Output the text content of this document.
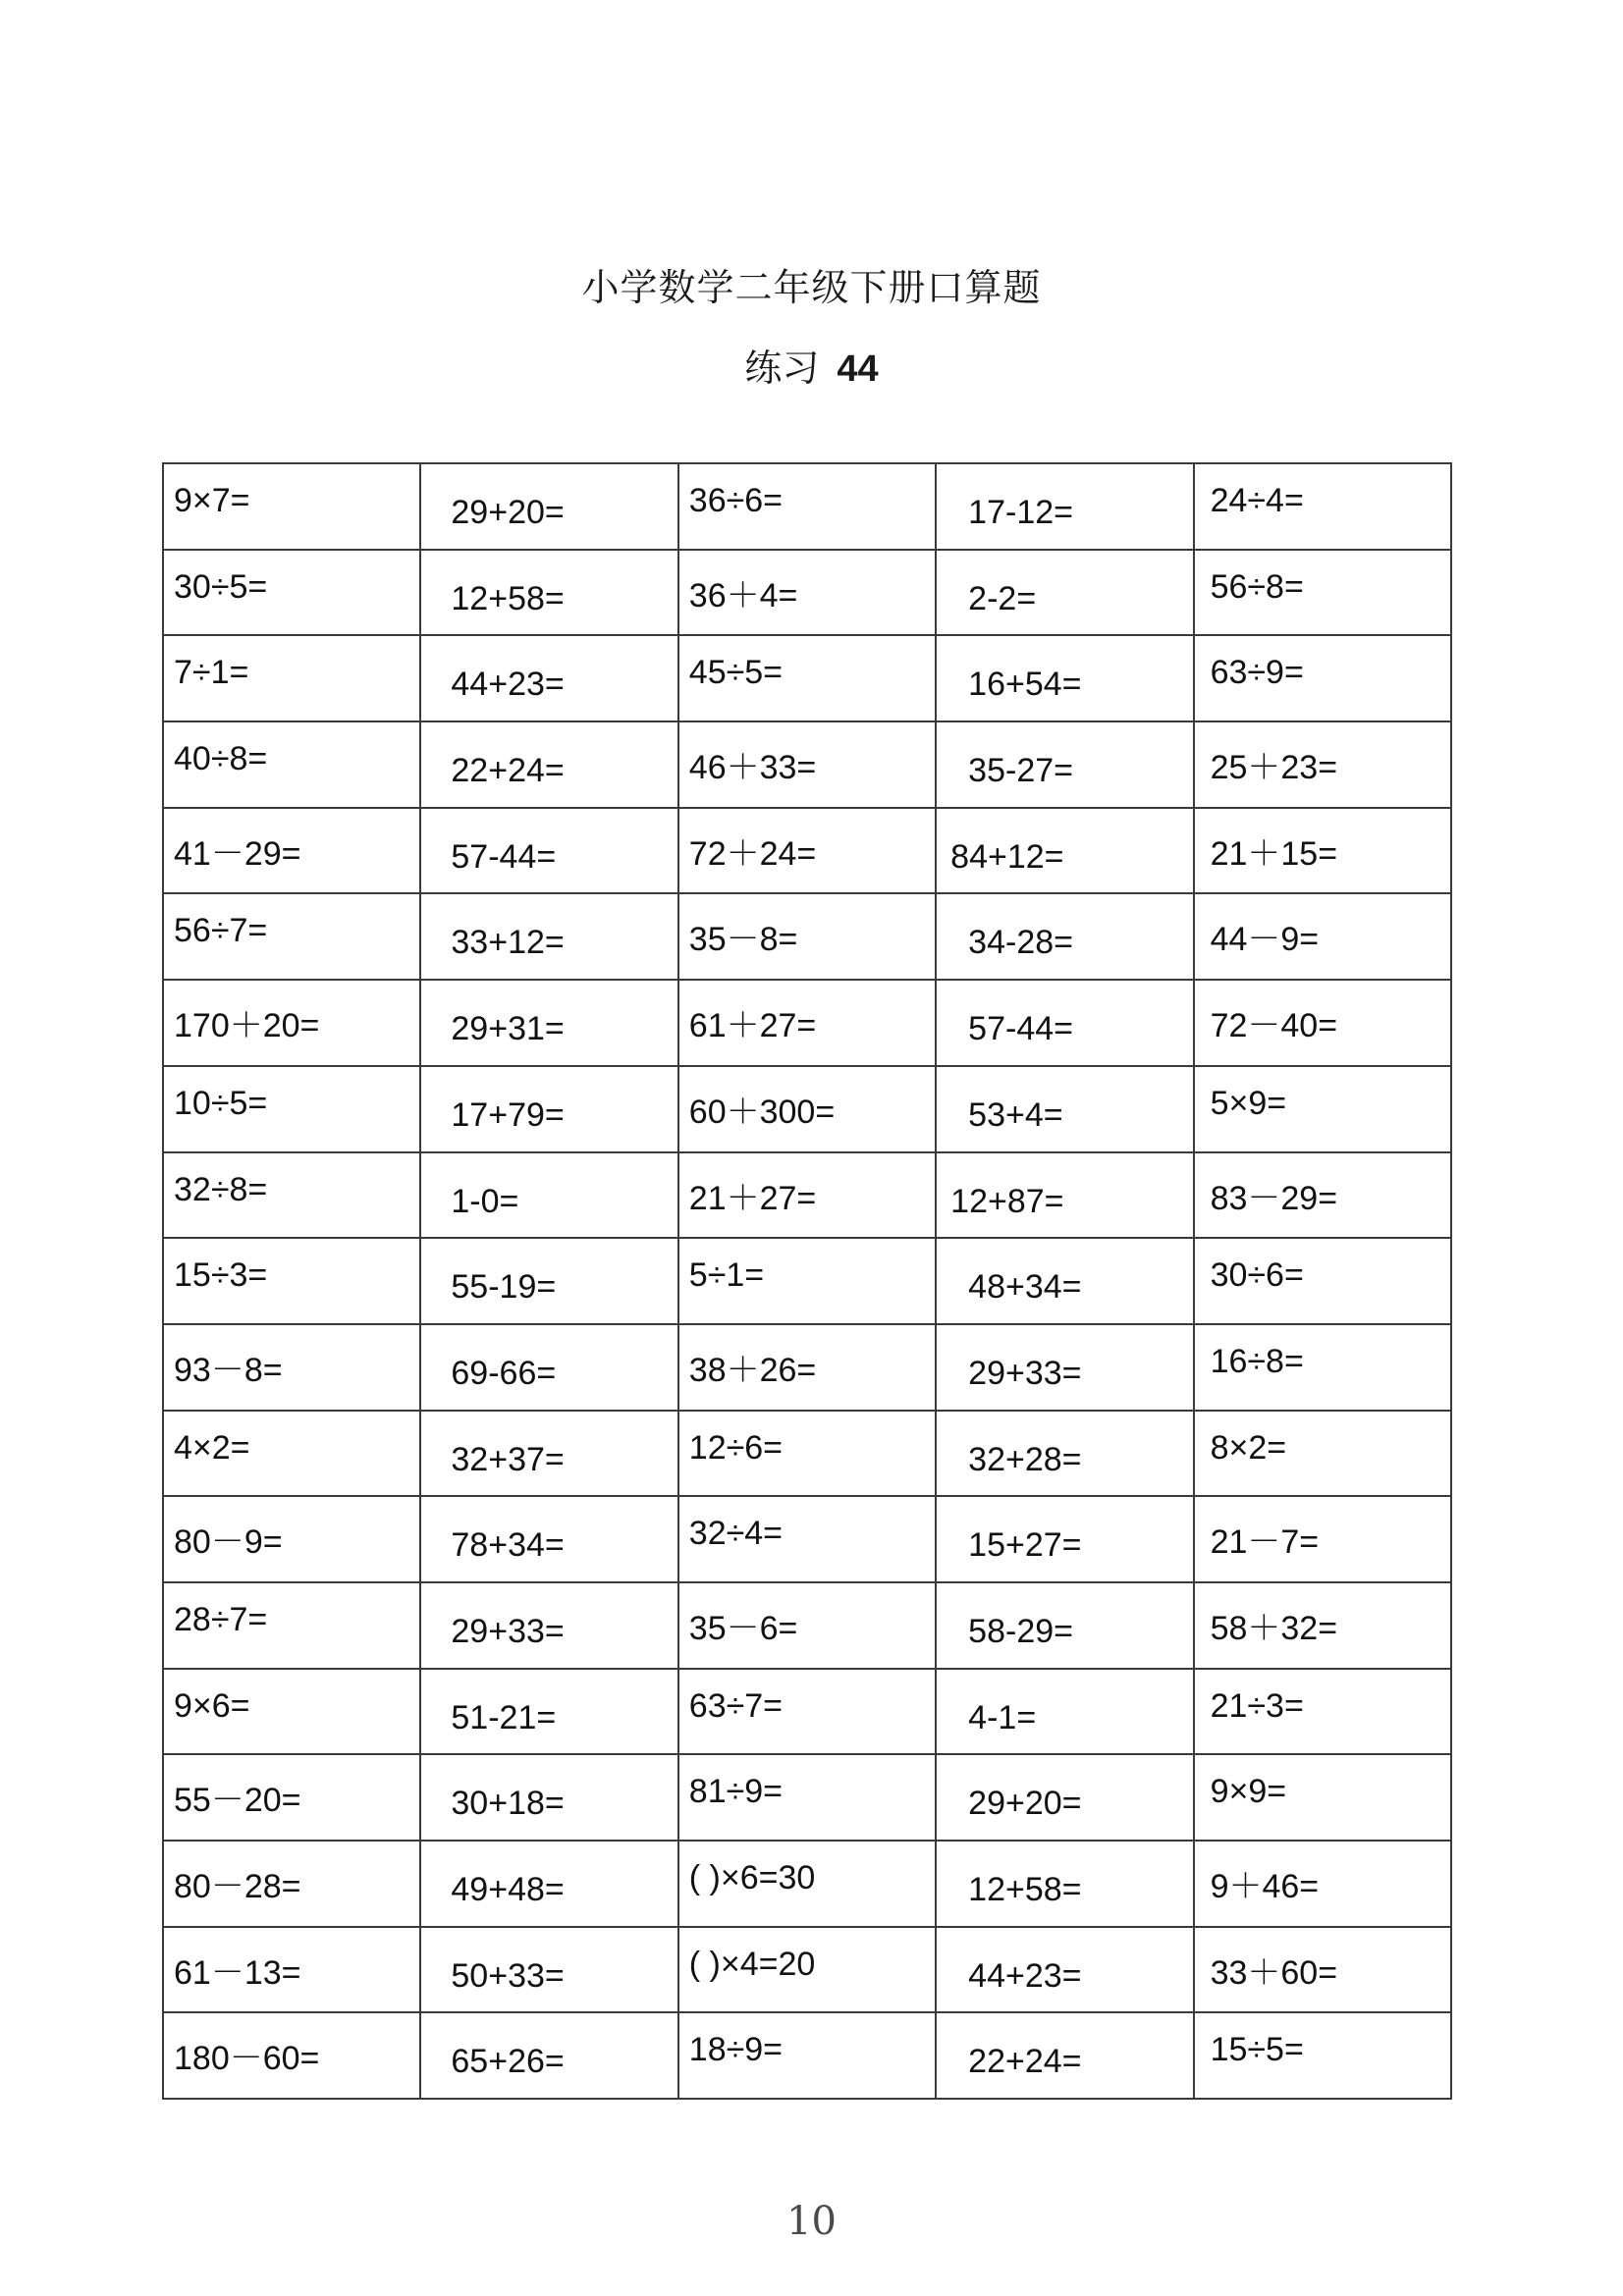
小学数学二年级下册口算题
练习 44
9×7=	29+20=	36÷6=	17-12=	24÷4=

30÷5=	12+58=	36＋4=	2-2=	56÷8=

7÷1=	44+23=	45÷5=	16+54=	63÷9=

40÷8=	22+24=	46＋33=	35-27=	25＋23=

41－29=	57-44=	72＋24=	84+12=	21＋15=

56÷7=	33+12=	35－8=	34-28=	44－9=

170＋20=	29+31=	61＋27=	57-44=	72－40=

10÷5=	17+79=	60＋300=	53+4=	5×9=

32÷8=	1-0=	21＋27=	12+87=	83－29=

15÷3=	55-19=	5÷1=	48+34=	30÷6=

93－8=	69-66=	38＋26=	29+33=	16÷8=

4×2=	32+37=	12÷6=	32+28=	8×2=

80－9=	78+34=	32÷4=	15+27=	21－7=

28÷7=	29+33=	35－6=	58-29=	58＋32=

9×6=	51-21=	63÷7=	4-1=	21÷3=

55－20=	30+18=	81÷9=	29+20=	9×9=

80－28=	49+48=	( )×6=30	12+58=	9＋46=

61－13=	50+33=	( )×4=20	44+23=	33＋60=

180－60=	65+26=	18÷9=	22+24=	15÷5=
10
